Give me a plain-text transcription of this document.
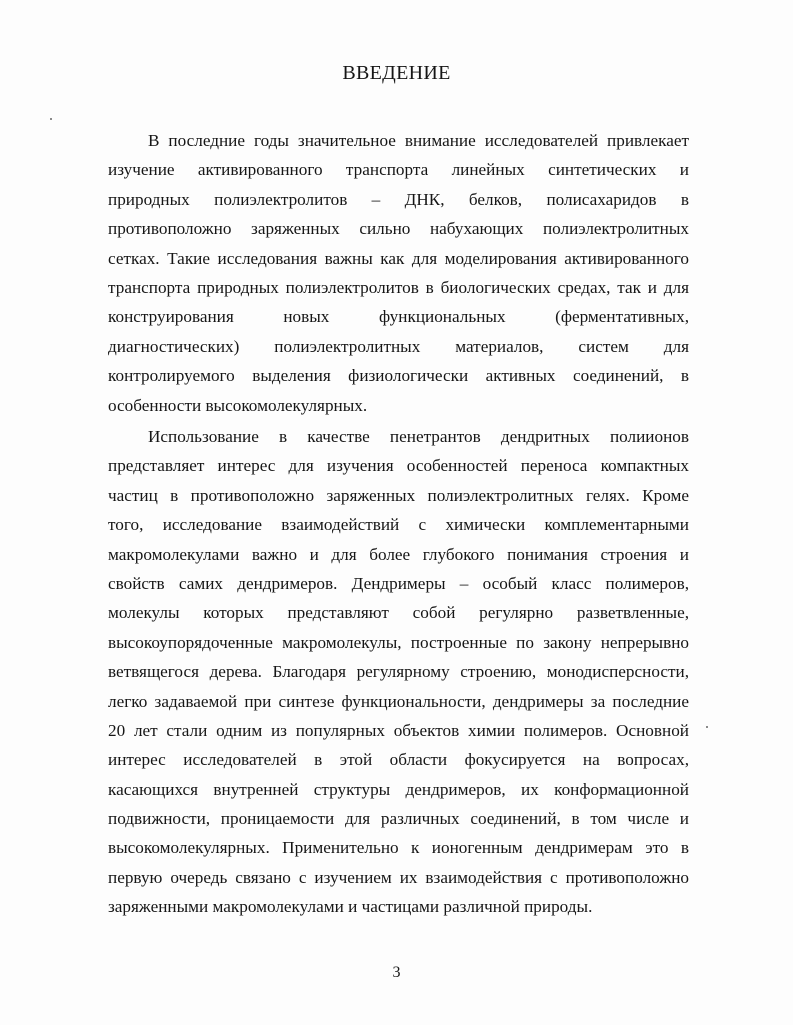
ВВЕДЕНИЕ
В последние годы значительное внимание исследователей привлекает
изучение активированного транспорта линейных синтетических и
природных полиэлектролитов – ДНК, белков, полисахаридов в
противоположно заряженных сильно набухающих полиэлектролитных
сетках. Такие исследования важны как для моделирования активированного
транспорта природных полиэлектролитов в биологических средах, так и для
конструирования новых функциональных (ферментативных,
диагностических) полиэлектролитных материалов, систем для
контролируемого выделения физиологически активных соединений, в
особенности высокомолекулярных.
Использование в качестве пенетрантов дендритных полиионов
представляет интерес для изучения особенностей переноса компактных
частиц в противоположно заряженных полиэлектролитных гелях. Кроме
того, исследование взаимодействий с химически комплементарными
макромолекулами важно и для более глубокого понимания строения и
свойств самих дендримеров. Дендримеры – особый класс полимеров,
молекулы которых представляют собой регулярно разветвленные,
высокоупорядоченные макромолекулы, построенные по закону непрерывно
ветвящегося дерева. Благодаря регулярному строению, монодисперсности,
легко задаваемой при синтезе функциональности, дендримеры за последние
20 лет стали одним из популярных объектов химии полимеров. Основной
интерес исследователей в этой области фокусируется на вопросах,
касающихся внутренней структуры дендримеров, их конформационной
подвижности, проницаемости для различных соединений, в том числе и
высокомолекулярных. Применительно к ионогенным дендримерам это в
первую очередь связано с изучением их взаимодействия с противоположно
заряженными макромолекулами и частицами различной природы.
3
